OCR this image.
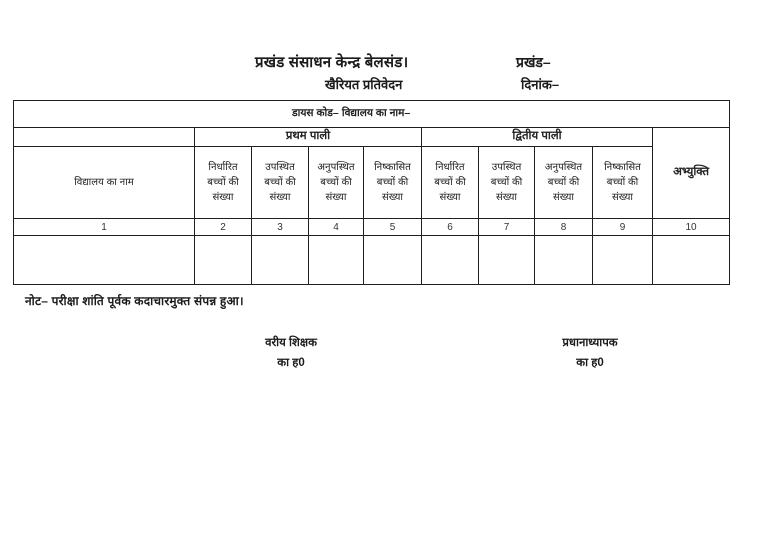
प्रखंड संसाधन केन्द्र बेलसंड।	प्रखंड–
खैरियत प्रतिवेदन	दिनांक–
विद्यालय का नाम–
डायस कोड–									

	प्रथम पाली				द्वितीय पाली				अभ्युक्ति
विद्यालय का नाम	निर्धारित बच्चों की संख्या	उपस्थित बच्चों की संख्या	अनुपस्थित बच्चों की संख्या	निष्कासित बच्चों की संख्या	निर्धारित बच्चों की संख्या	उपस्थित बच्चों की संख्या	अनुपस्थित बच्चों की संख्या	निष्कासित बच्चों की संख्या	

1	2	3	4	5	6	7	8	9	10

नोट– परीक्षा शांति पूर्वक कदाचारमुक्त संपन्न हुआ।
वरीय शिक्षक
का ह0
प्रधानाध्यापक
का ह0
